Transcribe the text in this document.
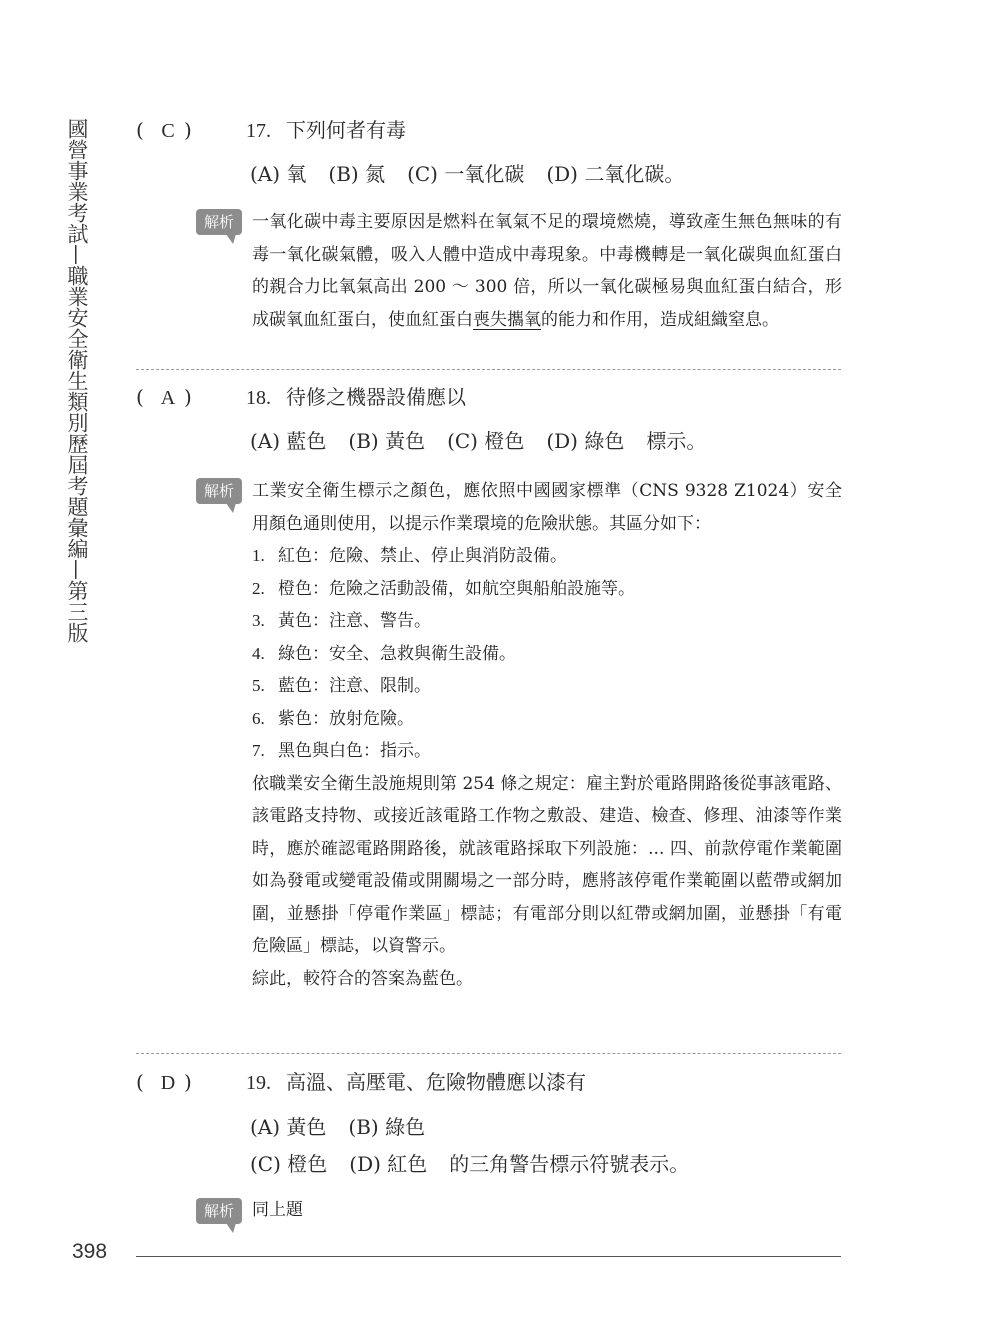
國營事業考試—職業安全衛生類別歷屆考題彙編—第三版 ( C )	17. 下列何者有毒
(A) 氧 (B) 氮 (C) 一氧化碳 (D) 二氧化碳。
解析	一氧化碳中毒主要原因是燃料在氧氣不足的環境燃燒，導致產生無色無味的有毒一氧化碳氣體，吸入人體中造成中毒現象。中毒機轉是一氧化碳與血紅蛋白的親合力比氧氣高出 200 ～ 300 倍，所以一氧化碳極易與血紅蛋白結合，形成碳氧血紅蛋白，使血紅蛋白喪失攜氧的能力和作用，造成組織窒息。

( A )	18. 待修之機器設備應以
(A) 藍色 (B) 黃色 (C) 橙色 (D) 綠色 標示。
解析	工業安全衛生標示之顏色，應依照中國國家標準（CNS 9328 Z1024）安全用顏色通則使用，以提示作業環境的危險狀態。其區分如下：

1. 紅色：危險、禁止、停止與消防設備。
2. 橙色：危險之活動設備，如航空與船舶設施等。
3. 黃色：注意、警告。
4. 綠色：安全、急救與衛生設備。
5. 藍色：注意、限制。
6. 紫色：放射危險。
7. 黑色與白色：指示。

依職業安全衛生設施規則第 254 條之規定：雇主對於電路開路後從事該電路、該電路支持物、或接近該電路工作物之敷設、建造、檢查、修理、油漆等作業時，應於確認電路開路後，就該電路採取下列設施：... 四、前款停電作業範圍如為發電或變電設備或開關場之一部分時，應將該停電作業範圍以藍帶或網加圍，並懸掛「停電作業區」標誌；有電部分則以紅帶或網加圍，並懸掛「有電危險區」標誌，以資警示。

綜此，較符合的答案為藍色。

( D )	19. 高溫、高壓電、危險物體應以漆有
(A) 黃色 (B) 綠色
(C) 橙色 (D) 紅色 的三角警告標示符號表示。
解析	同上題

398
